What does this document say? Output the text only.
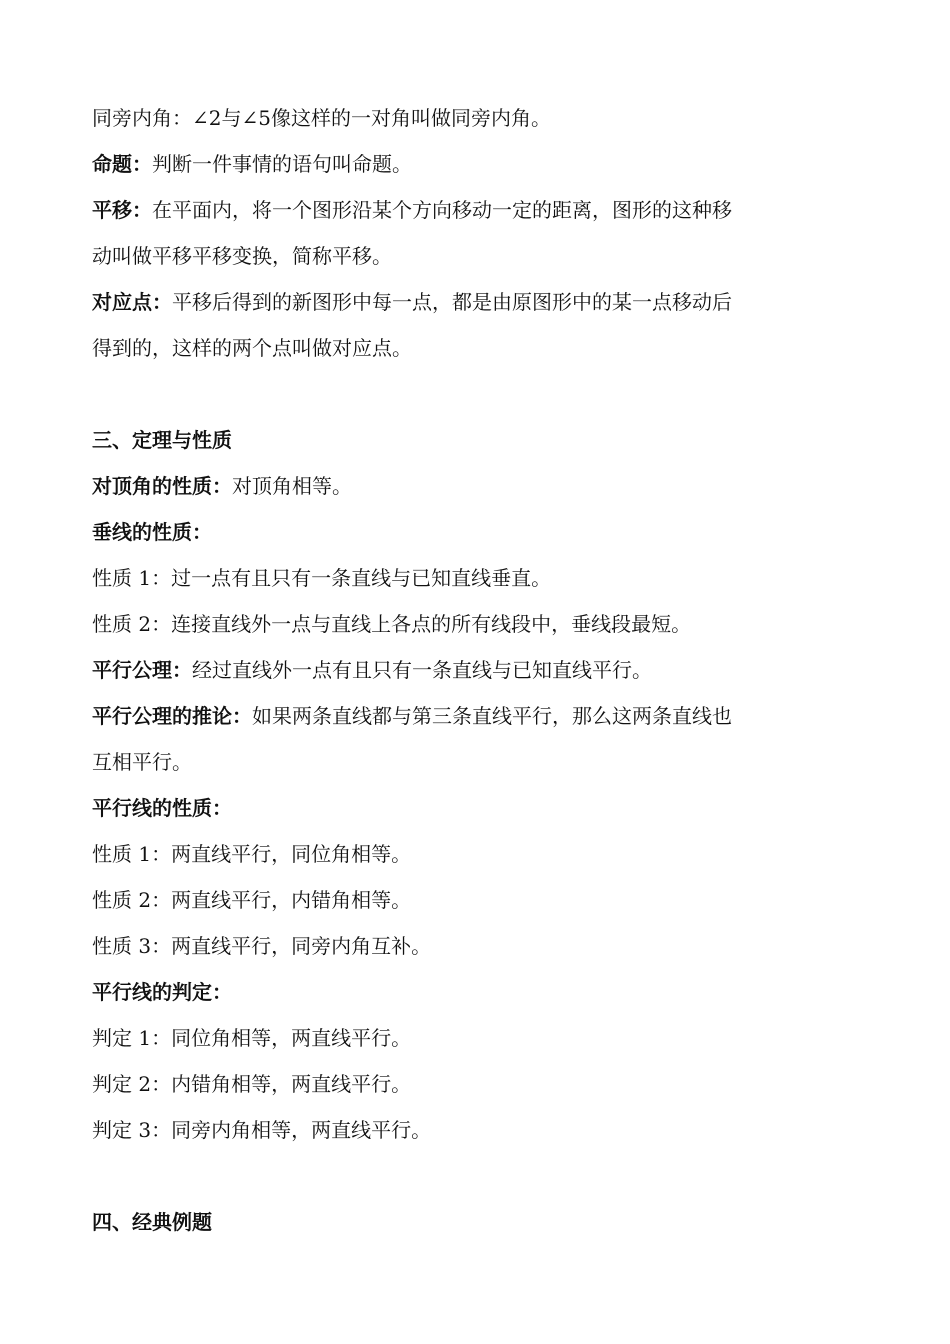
同旁内角：∠2与∠5像这样的一对角叫做同旁内角。
命题：判断一件事情的语句叫命题。
平移：在平面内，将一个图形沿某个方向移动一定的距离，图形的这种移
动叫做平移平移变换，简称平移。
对应点：平移后得到的新图形中每一点，都是由原图形中的某一点移动后
得到的，这样的两个点叫做对应点。
三、定理与性质
对顶角的性质：对顶角相等。
垂线的性质：
性质 1：过一点有且只有一条直线与已知直线垂直。
性质 2：连接直线外一点与直线上各点的所有线段中，垂线段最短。
平行公理：经过直线外一点有且只有一条直线与已知直线平行。
平行公理的推论：如果两条直线都与第三条直线平行，那么这两条直线也
互相平行。
平行线的性质：
性质 1：两直线平行，同位角相等。
性质 2：两直线平行，内错角相等。
性质 3：两直线平行，同旁内角互补。
平行线的判定：
判定 1：同位角相等，两直线平行。
判定 2：内错角相等，两直线平行。
判定 3：同旁内角相等，两直线平行。
四、经典例题
